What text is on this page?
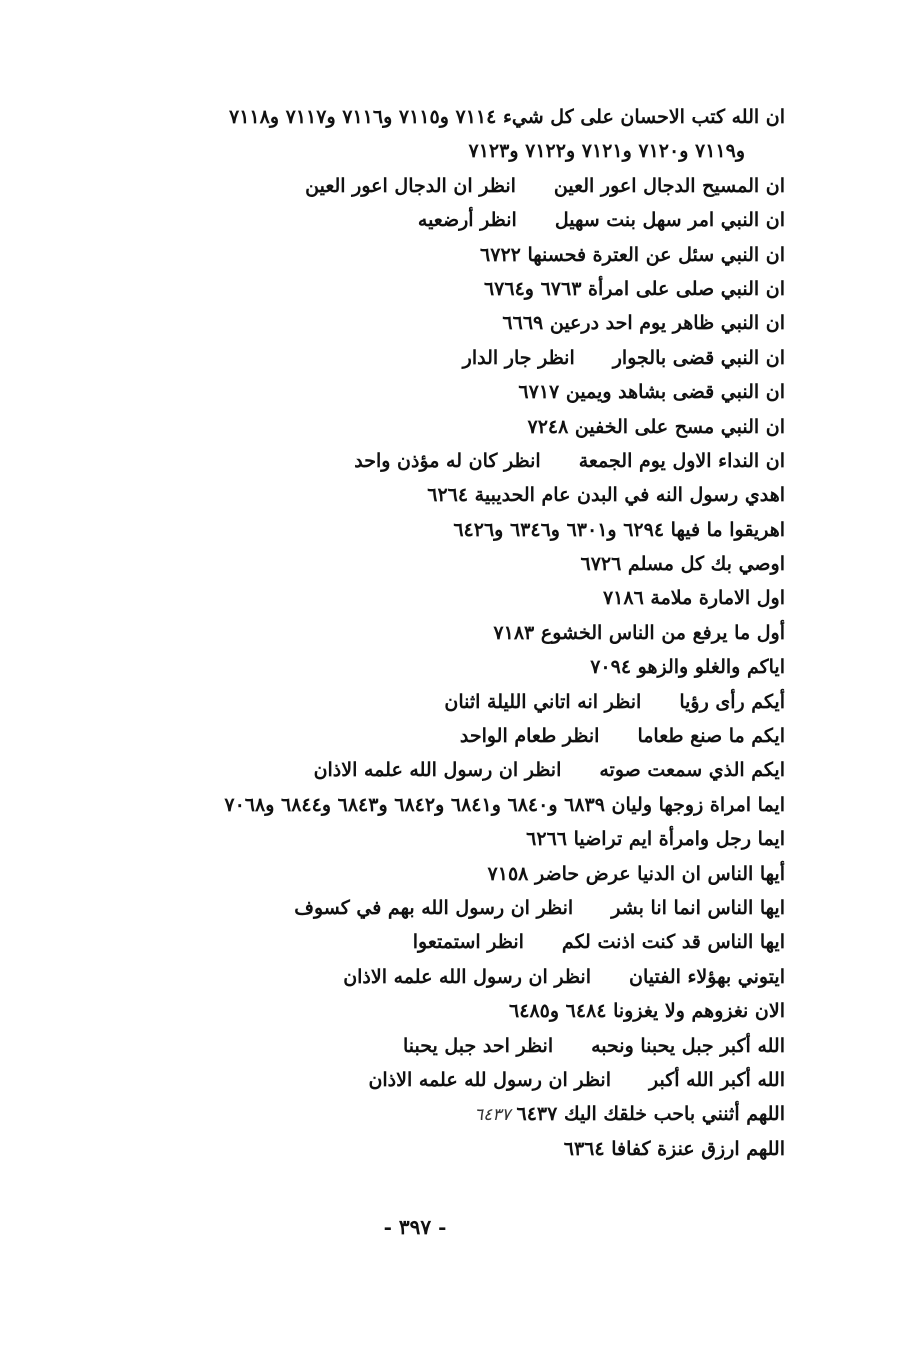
ان الله كتب الاحسان على كل شيء ٧١١٤ و٧١١٥ و٧١١٦ و٧١١٧ و٧١١٨
و٧١١٩ و٧١٢٠ و٧١٢١ و٧١٢٢ و٧١٢٣
ان المسيح الدجال اعور العينانظر ان الدجال اعور العين
ان النبي امر سهل بنت سهيلانظر أرضعيه
ان النبي سئل عن العترة فحسنها ٦٧٢٢
ان النبي صلى على امرأة ٦٧٦٣ و٦٧٦٤
ان النبي ظاهر يوم احد درعين ٦٦٦٩
ان النبي قضى بالجوارانظر جار الدار
ان النبي قضى بشاهد ويمين ٦٧١٧
ان النبي مسح على الخفين ٧٢٤٨
ان النداء الاول يوم الجمعةانظر كان له مؤذن واحد
اهدي رسول النه في البدن عام الحديبية ٦٢٦٤
اهريقوا ما فيها ٦٢٩٤ و٦٣٠١ و٦٣٤٦ و٦٤٢٦
اوصي بك كل مسلم ٦٧٢٦
اول الامارة ملامة ٧١٨٦
أول ما يرفع من الناس الخشوع ٧١٨٣
اياكم والغلو والزهو ٧٠٩٤
أيكم رأى رؤياانظر انه اتاني الليلة اثنان
ايكم ما صنع طعاماانظر طعام الواحد
ايكم الذي سمعت صوتهانظر ان رسول الله علمه الاذان
ايما امراة زوجها وليان ٦٨٣٩ و٦٨٤٠ و٦٨٤١ و٦٨٤٢ و٦٨٤٣ و٦٨٤٤ و٧٠٦٨
ايما رجل وامرأة ايم تراضيا ٦٢٦٦
أيها الناس ان الدنيا عرض حاضر ٧١٥٨
ايها الناس انما انا بشرانظر ان رسول الله بهم في كسوف
ايها الناس قد كنت اذنت لكمانظر استمتعوا
ايتوني بهؤلاء الفتيانانظر ان رسول الله علمه الاذان
الان نغزوهم ولا يغزونا ٦٤٨٤ و٦٤٨٥
الله أكبر جبل يحبنا ونحبهانظر احد جبل يحبنا
الله أكبر الله أكبرانظر ان رسول لله علمه الاذان
اللهم أثنني باحب خلقك اليك ٦٤٣٧٦٤٣٧
اللهم ارزق عنزة كفافا ٦٣٦٤
- ٣٩٧ -
